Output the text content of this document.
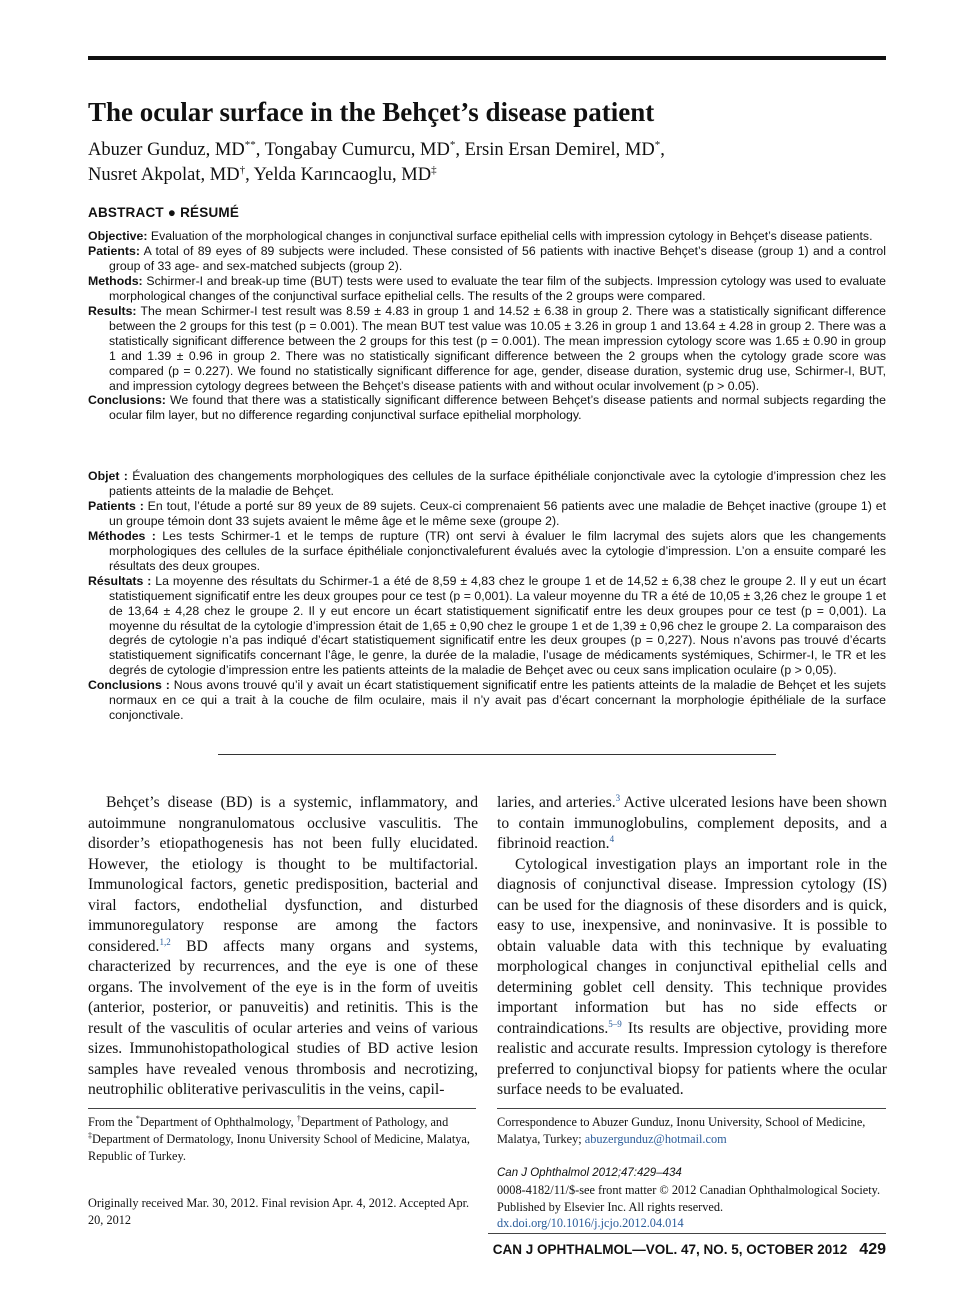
The ocular surface in the Behçet’s disease patient
Abuzer Gunduz, MD**, Tongabay Cumurcu, MD*, Ersin Ersan Demirel, MD*,
Nusret Akpolat, MD†, Yelda Karıncaoglu, MD‡
ABSTRACT ● RÉSUMÉ

Objective: Evaluation of the morphological changes in conjunctival surface epithelial cells with impression cytology in Behçet’s disease patients.

Patients: A total of 89 eyes of 89 subjects were included. These consisted of 56 patients with inactive Behçet’s disease (group 1) and a control group of 33 age- and sex-matched subjects (group 2).

Methods: Schirmer-I and break-up time (BUT) tests were used to evaluate the tear film of the subjects. Impression cytology was used to evaluate morphological changes of the conjunctival surface epithelial cells. The results of the 2 groups were compared.

Results: The mean Schirmer-I test result was 8.59 ± 4.83 in group 1 and 14.52 ± 6.38 in group 2. There was a statistically significant difference between the 2 groups for this test (p = 0.001). The mean BUT test value was 10.05 ± 3.26 in group 1 and 13.64 ± 4.28 in group 2. There was a statistically significant difference between the 2 groups for this test (p = 0.001). The mean impression cytology score was 1.65 ± 0.90 in group 1 and 1.39 ± 0.96 in group 2. There was no statistically significant difference between the 2 groups when the cytology grade score was compared (p = 0.227). We found no statistically significant difference for age, gender, disease duration, systemic drug use, Schirmer-I, BUT, and impression cytology degrees between the Behçet’s disease patients with and without ocular involvement (p > 0.05).

Conclusions: We found that there was a statistically significant difference between Behçet’s disease patients and normal subjects regarding the ocular film layer, but no difference regarding conjunctival surface epithelial morphology.

Objet : Évaluation des changements morphologiques des cellules de la surface épithéliale conjonctivale avec la cytologie d’impression chez les patients atteints de la maladie de Behçet.

Patients : En tout, l’étude a porté sur 89 yeux de 89 sujets. Ceux-ci comprenaient 56 patients avec une maladie de Behçet inactive (groupe 1) et un groupe témoin dont 33 sujets avaient le même âge et le même sexe (groupe 2).

Méthodes : Les tests Schirmer-1 et le temps de rupture (TR) ont servi à évaluer le film lacrymal des sujets alors que les changements morphologiques des cellules de la surface épithéliale conjonctivalefurent évalués avec la cytologie d’impression. L’on a ensuite comparé les résultats des deux groupes.

Résultats : La moyenne des résultats du Schirmer-1 a été de 8,59 ± 4,83 chez le groupe 1 et de 14,52 ± 6,38 chez le groupe 2. Il y eut un écart statistiquement significatif entre les deux groupes pour ce test (p = 0,001). La valeur moyenne du TR a été de 10,05 ± 3,26 chez le groupe 1 et de 13,64 ± 4,28 chez le groupe 2. Il y eut encore un écart statistiquement significatif entre les deux groupes pour ce test (p = 0,001). La moyenne du résultat de la cytologie d’impression était de 1,65 ± 0,90 chez le groupe 1 et de 1,39 ± 0,96 chez le groupe 2. La comparaison des degrés de cytologie n’a pas indiqué d’écart statistiquement significatif entre les deux groupes (p = 0,227). Nous n’avons pas trouvé d’écarts statistiquement significatifs concernant l’âge, le genre, la durée de la maladie, l’usage de médicaments systémiques, Schirmer-I, le TR et les degrés de cytologie d’impression entre les patients atteints de la maladie de Behçet avec ou ceux sans implication oculaire (p > 0,05).

Conclusions : Nous avons trouvé qu’il y avait un écart statistiquement significatif entre les patients atteints de la maladie de Behçet et les sujets normaux en ce qui a trait à la couche de film oculaire, mais il n’y avait pas d’écart concernant la morphologie épithéliale de la surface conjonctivale.

Behçet’s disease (BD) is a systemic, inflammatory, and autoimmune nongranulomatous occlusive vasculitis. The disorder’s etiopathogenesis has not been fully elucidated. However, the etiology is thought to be multifactorial. Immunological factors, genetic predisposition, bacterial and viral factors, endothelial dysfunction, and disturbed immunoregulatory response are among the factors considered.$^{1,2}$ BD affects many organs and systems, characterized by recurrences, and the eye is one of these organs. The involvement of the eye is in the form of uveitis (anterior, posterior, or panuveitis) and retinitis. This is the result of the vasculitis of ocular arteries and veins of various sizes. Immunohistopathological studies of BD active lesion samples have revealed venous thrombosis and necrotizing, neutrophilic obliterative perivasculitis in the veins, capil-

laries, and arteries.$^3$ Active ulcerated lesions have been shown to contain immunoglobulins, complement deposits, and a fibrinoid reaction.$^4$

Cytological investigation plays an important role in the diagnosis of conjunctival disease. Impression cytology (IS) can be used for the diagnosis of these disorders and is quick, easy to use, inexpensive, and noninvasive. It is possible to obtain valuable data with this technique by evaluating morphological changes in conjunctival epithelial cells and determining goblet cell density. This technique provides important information but has no side effects or contraindications.$^{5-9}$ Its results are objective, providing more realistic and accurate results. Impression cytology is therefore preferred to conjunctival biopsy for patients where the ocular surface needs to be evaluated.

From the *Department of Ophthalmology, †Department of Pathology, and ‡Department of Dermatology, Inonu University School of Medicine, Malatya, Republic of Turkey.
Originally received Mar. 30, 2012. Final revision Apr. 4, 2012. Accepted Apr. 20, 2012
Correspondence to Abuzer Gunduz, Inonu University, School of Medicine, Malatya, Turkey; abuzergunduz@hotmail.com
Can J Ophthalmol 2012;47:429–434
0008-4182/11/$-see front matter © 2012 Canadian Ophthalmological Society.
Published by Elsevier Inc. All rights reserved.
dx.doi.org/10.1016/j.jcjo.2012.04.014
CAN J OPHTHALMOL—VOL. 47, NO. 5, OCTOBER 2012 429
